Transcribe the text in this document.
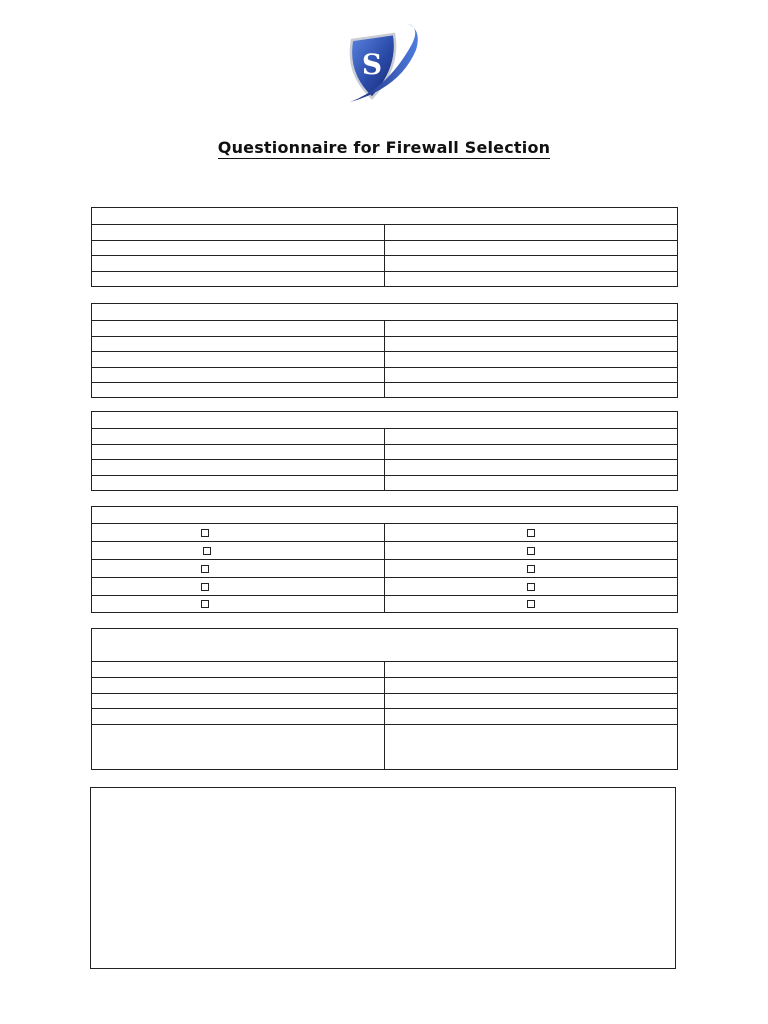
S
Questionnaire for Firewall Selection
